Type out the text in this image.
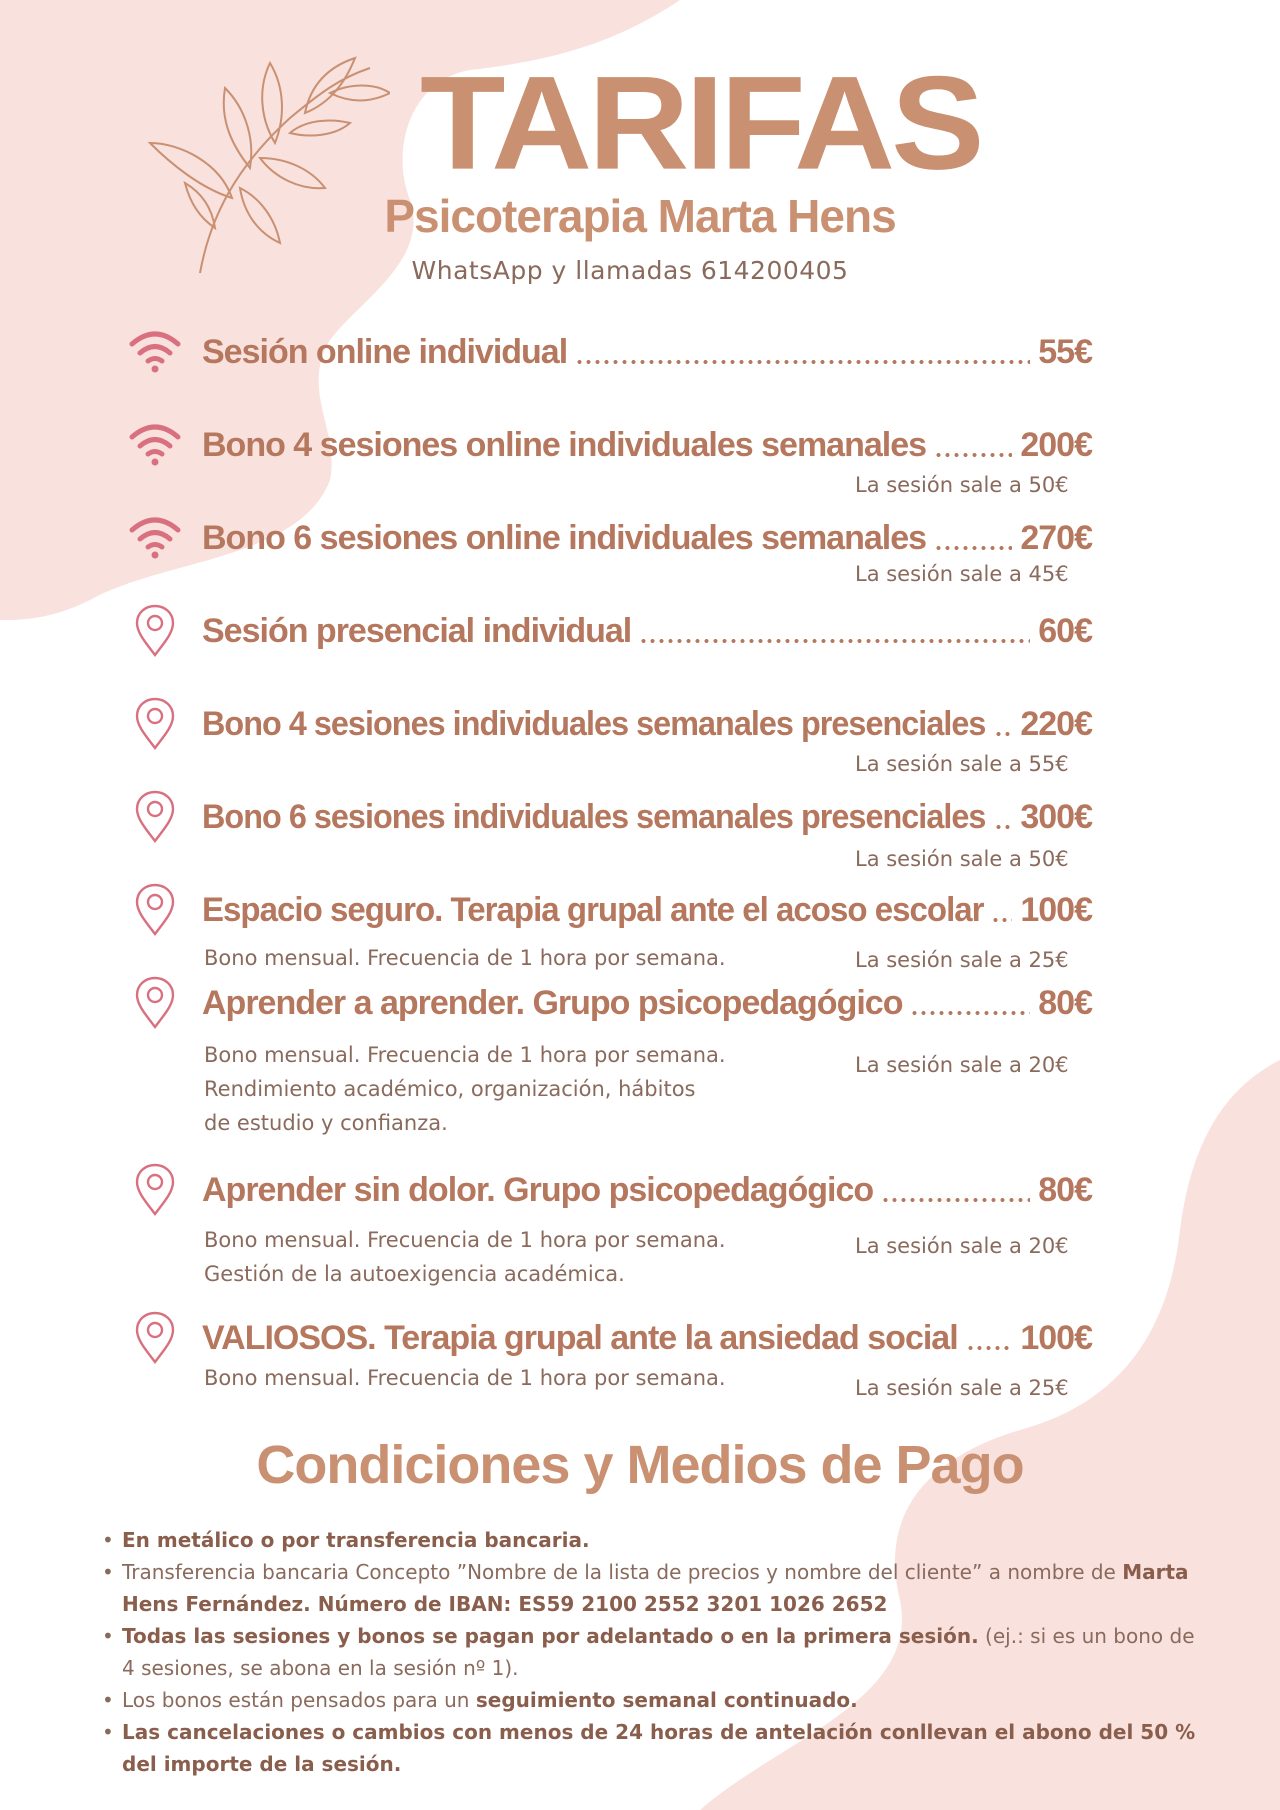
TARIFAS
Psicoterapia Marta Hens
WhatsApp y llamadas 614200405
Sesión online individual	55€
Bono 4 sesiones online individuales semanales	200€
La sesión sale a 50€
Bono 6 sesiones online individuales semanales	270€
La sesión sale a 45€
Sesión presencial individual	60€
Bono 4 sesiones individuales semanales presenciales 220€
La sesión sale a 55€
Bono 6 sesiones individuales semanales presenciales 300€
La sesión sale a 50€
Espacio seguro. Terapia grupal ante el acoso escolar 100€
La sesión sale a 25€
Bono mensual. Frecuencia de 1 hora por semana.
Aprender a aprender. Grupo psicopedagógico	80€
La sesión sale a 20€
Bono mensual. Frecuencia de 1 hora por semana.
Rendimiento académico, organización, hábitos
de estudio y confianza.
Aprender sin dolor. Grupo psicopedagógico	80€
La sesión sale a 20€
Bono mensual. Frecuencia de 1 hora por semana.
Gestión de la autoexigencia académica.
VALIOSOS. Terapia grupal ante la ansiedad social 100€
La sesión sale a 25€
Bono mensual. Frecuencia de 1 hora por semana.
Condiciones y Medios de Pago
• En metálico o por transferencia bancaria.
• Transferencia bancaria Concepto ”Nombre de la lista de precios y nombre del cliente” a nombre de Marta Hens Fernández. Número de IBAN: ES59 2100 2552 3201 1026 2652
• Todas las sesiones y bonos se pagan por adelantado o en la primera sesión. (ej.: si es un bono de 4 sesiones, se abona en la sesión nº 1).
• Los bonos están pensados para un seguimiento semanal continuado.
• Las cancelaciones o cambios con menos de 24 horas de antelación conllevan el abono del 50 % del importe de la sesión.
